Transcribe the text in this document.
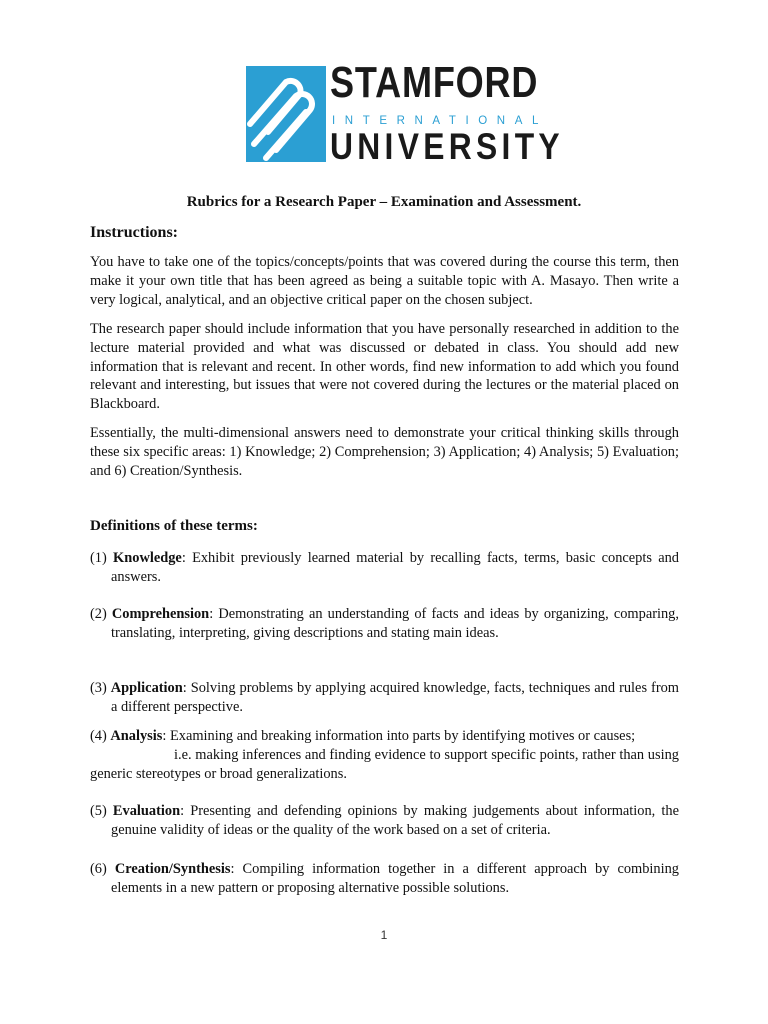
STAMFORD
INTERNATIONAL
UNIVERSITY
Rubrics for a Research Paper – Examination and Assessment.
Instructions:

You have to take one of the topics/concepts/points that was covered during the course this term, then make it your own title that has been agreed as being a suitable topic with A. Masayo. Then write a very logical, analytical, and an objective critical paper on the chosen subject.

The research paper should include information that you have personally researched in addition to the lecture material provided and what was discussed or debated in class. You should add new information that is relevant and recent. In other words, find new information to add which you found relevant and interesting, but issues that were not covered during the lectures or the material placed on Blackboard.

Essentially, the multi-dimensional answers need to demonstrate your critical thinking skills through these six specific areas: 1) Knowledge; 2) Comprehension; 3) Application; 4) Analysis; 5) Evaluation; and 6) Creation/Synthesis.

Definitions of these terms:

(1) Knowledge: Exhibit previously learned material by recalling facts, terms, basic concepts and answers.

(2) Comprehension: Demonstrating an understanding of facts and ideas by organizing, comparing, translating, interpreting, giving descriptions and stating main ideas.

(3) Application: Solving problems by applying acquired knowledge, facts, techniques and rules from a different perspective.

(4) Analysis: Examining and breaking information into parts by identifying motives or causes;

i.e. making inferences and finding evidence to support specific points, rather than using generic stereotypes or broad generalizations.

(5) Evaluation: Presenting and defending opinions by making judgements about information, the genuine validity of ideas or the quality of the work based on a set of criteria.

(6) Creation/Synthesis: Compiling information together in a different approach by combining elements in a new pattern or proposing alternative possible solutions.

1
